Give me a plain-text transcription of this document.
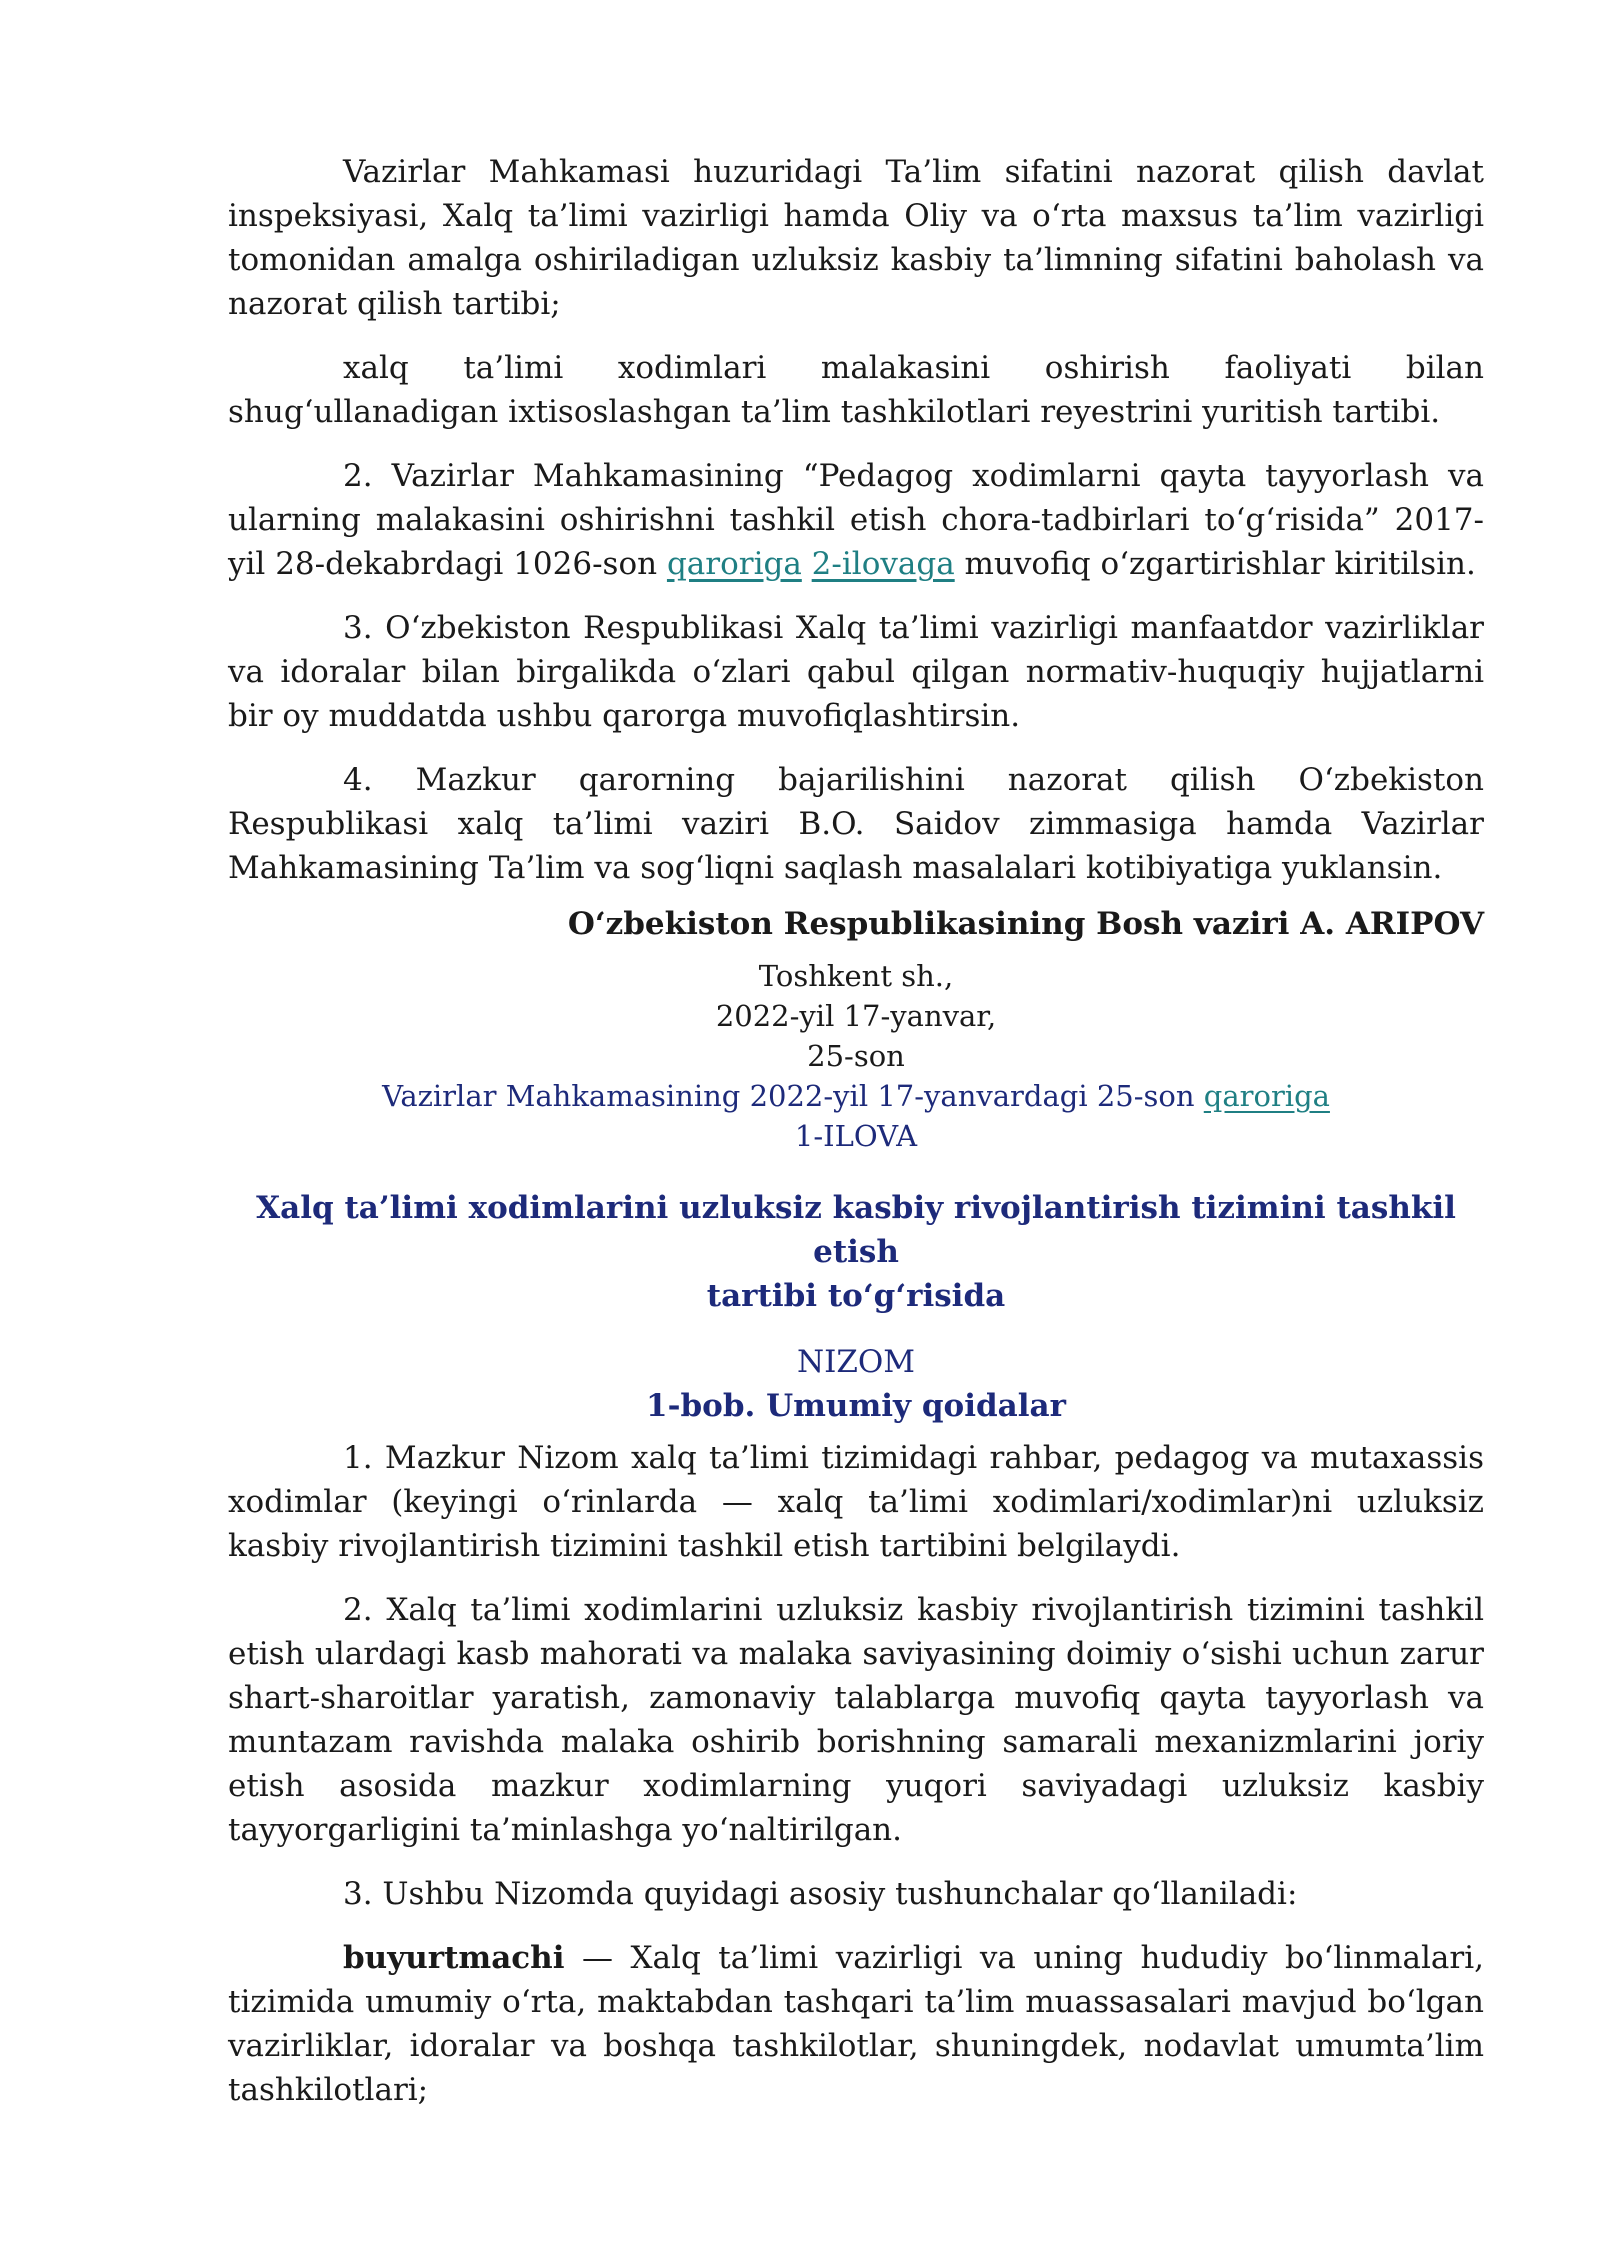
Vazirlar Mahkamasi huzuridagi Ta’lim sifatini nazorat qilish davlat inspeksiyasi, Xalq ta’limi vazirligi hamda Oliy va o‘rta maxsus ta’lim vazirligi tomonidan amalga oshiriladigan uzluksiz kasbiy ta’limning sifatini baholash va nazorat qilish tartibi;

xalq ta’limi xodimlari malakasini oshirish faoliyati bilan shug‘ullanadigan ixtisoslashgan ta’lim tashkilotlari reyestrini yuritish tartibi.

2. Vazirlar Mahkamasining “Pedagog xodimlarni qayta tayyorlash va ularning malakasini oshirishni tashkil etish chora-tadbirlari to‘g‘risida” 2017-yil 28-dekabrdagi 1026-son qaroriga 2-ilovaga muvofiq o‘zgartirishlar kiritilsin.

3. O‘zbekiston Respublikasi Xalq ta’limi vazirligi manfaatdor vazirliklar va idoralar bilan birgalikda o‘zlari qabul qilgan normativ-huquqiy hujjatlarni bir oy muddatda ushbu qarorga muvofiqlashtirsin.

4. Mazkur qarorning bajarilishini nazorat qilish O‘zbekiston Respublikasi xalq ta’limi vaziri B.O. Saidov zimmasiga hamda Vazirlar Mahkamasining Ta’lim va sog‘liqni saqlash masalalari kotibiyatiga yuklansin.

O‘zbekiston Respublikasining Bosh vaziri A. ARIPOV

Toshkent sh.,
2022-yil 17-yanvar,
25-son
Vazirlar Mahkamasining 2022-yil 17-yanvardagi 25-son qaroriga
1-ILOVA
Xalq ta’limi xodimlarini uzluksiz kasbiy rivojlantirish tizimini tashkil etish
tartibi to‘g‘risida
NIZOM
1-bob. Umumiy qoidalar

1. Mazkur Nizom xalq ta’limi tizimidagi rahbar, pedagog va mutaxassis xodimlar (keyingi o‘rinlarda — xalq ta’limi xodimlari/xodimlar)ni uzluksiz kasbiy rivojlantirish tizimini tashkil etish tartibini belgilaydi.

2. Xalq ta’limi xodimlarini uzluksiz kasbiy rivojlantirish tizimini tashkil etish ulardagi kasb mahorati va malaka saviyasining doimiy o‘sishi uchun zarur shart-sharoitlar yaratish, zamonaviy talablarga muvofiq qayta tayyorlash va muntazam ravishda malaka oshirib borishning samarali mexanizmlarini joriy etish asosida mazkur xodimlarning yuqori saviyadagi uzluksiz kasbiy tayyorgarligini ta’minlashga yo‘naltirilgan.

3. Ushbu Nizomda quyidagi asosiy tushunchalar qo‘llaniladi:

buyurtmachi — Xalq ta’limi vazirligi va uning hududiy bo‘linmalari, tizimida umumiy o‘rta, maktabdan tashqari ta’lim muassasalari mavjud bo‘lgan vazirliklar, idoralar va boshqa tashkilotlar, shuningdek, nodavlat umumta’lim tashkilotlari;
